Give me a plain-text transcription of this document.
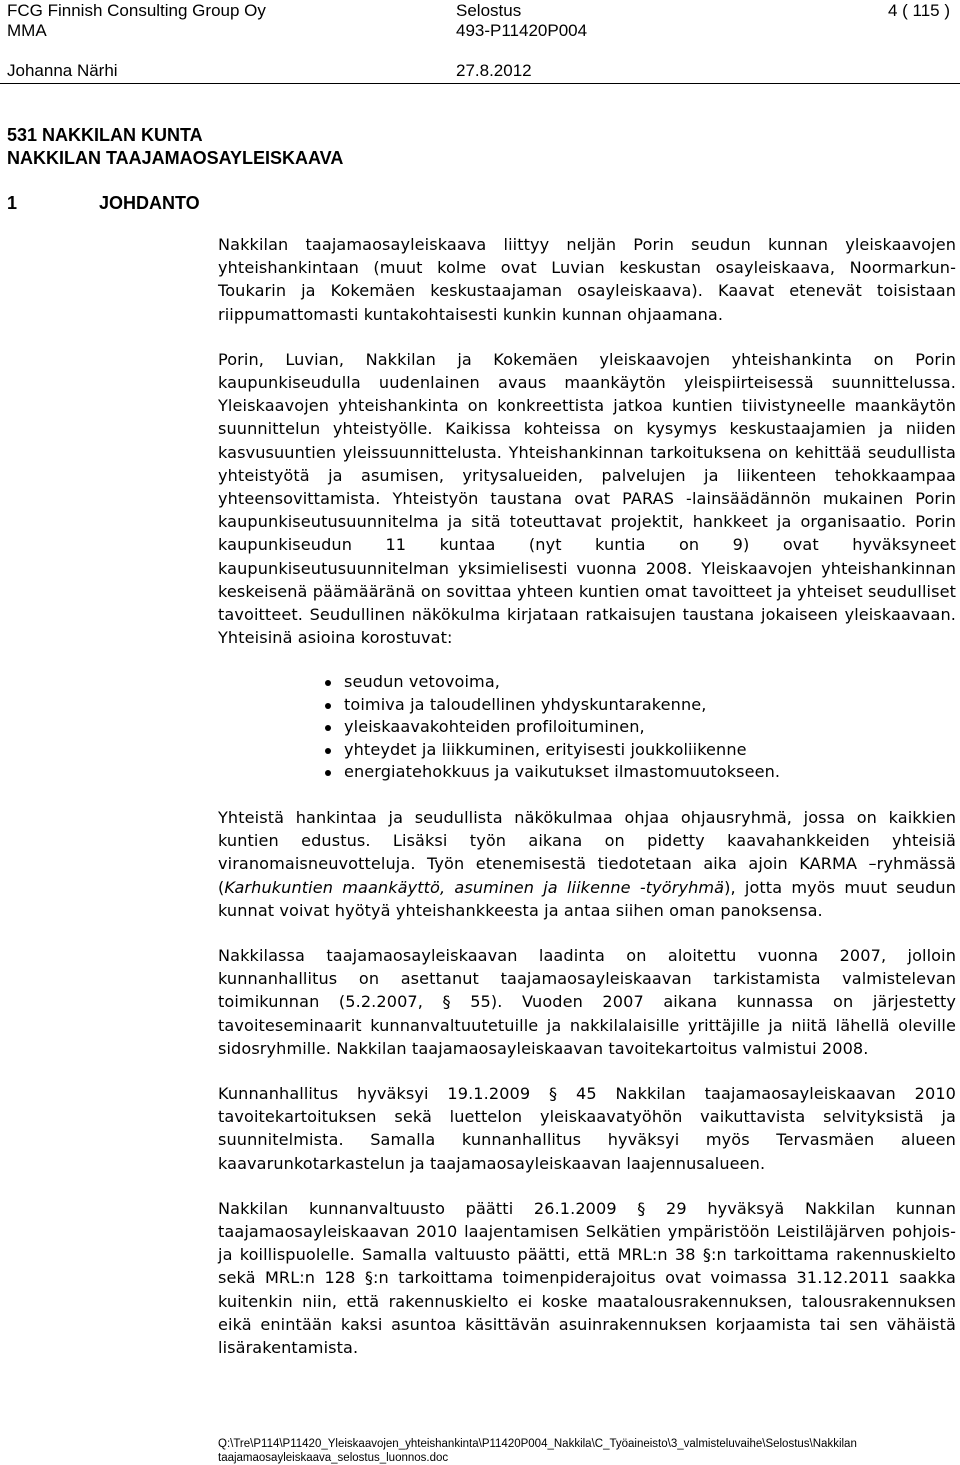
FCG Finnish Consulting Group Oy
MMA
Johanna Närhi
Selostus
493-P11420P004
27.8.2012
4 ( 115 )
531 NAKKILAN KUNTA
NAKKILAN TAAJAMAOSAYLEISKAAVA
1	JOHDANTO

Nakkilan taajamaosayleiskaava liittyy neljän Porin seudun kunnan yleiskaavojen yhteishankintaan (muut kolme ovat Luvian keskustan osayleiskaava, Noormarkun-Toukarin ja Kokemäen keskustaajaman osayleiskaava). Kaavat etenevät toisistaan riippumattomasti kuntakohtaisesti kunkin kunnan ohjaamana.

Porin, Luvian, Nakkilan ja Kokemäen yleiskaavojen yhteishankinta on Porin kaupunkiseudulla uudenlainen avaus maankäytön yleispiirteisessä suunnittelussa. Yleiskaavojen yhteishankinta on konkreettista jatkoa kuntien tiivistyneelle maankäytön suunnittelun yhteistyölle. Kaikissa kohteissa on kysymys keskustaajamien ja niiden kasvusuuntien yleissuunnittelusta. Yhteishankinnan tarkoituksena on kehittää seudullista yhteistyötä ja asumisen, yritysalueiden, palvelujen ja liikenteen tehokkaampaa yhteensovittamista. Yhteistyön taustana ovat PARAS -lainsäädännön mukainen Porin kaupunkiseutusuunnitelma ja sitä toteuttavat projektit, hankkeet ja organisaatio. Porin kaupunkiseudun 11 kuntaa (nyt kuntia on 9) ovat hyväksyneet kaupunkiseutusuunnitelman yksimielisesti vuonna 2008. Yleiskaavojen yhteishankinnan keskeisenä päämääränä on sovittaa yhteen kuntien omat tavoitteet ja yhteiset seudulliset tavoitteet. Seudullinen näkökulma kirjataan ratkaisujen taustana jokaiseen yleiskaavaan. Yhteisinä asioina korostuvat:

seudun vetovoima,
toimiva ja taloudellinen yhdyskuntarakenne,
yleiskaavakohteiden profiloituminen,
yhteydet ja liikkuminen, erityisesti joukkoliikenne
energiatehokkuus ja vaikutukset ilmastomuutokseen.

Yhteistä hankintaa ja seudullista näkökulmaa ohjaa ohjausryhmä, jossa on kaikkien kuntien edustus. Lisäksi työn aikana on pidetty kaavahankkeiden yhteisiä viranomaisneuvotteluja. Työn etenemisestä tiedotetaan aika ajoin KARMA –ryhmässä (Karhukuntien maankäyttö, asuminen ja liikenne -työryhmä), jotta myös muut seudun kunnat voivat hyötyä yhteishankkeesta ja antaa siihen oman panoksensa.

Nakkilassa taajamaosayleiskaavan laadinta on aloitettu vuonna 2007, jolloin kunnanhallitus on asettanut taajamaosayleiskaavan tarkistamista valmistelevan toimikunnan (5.2.2007, § 55). Vuoden 2007 aikana kunnassa on järjestetty tavoiteseminaarit kunnanvaltuutetuille ja nakkilalaisille yrittäjille ja niitä lähellä oleville sidosryhmille. Nakkilan taajamaosayleiskaavan tavoitekartoitus valmistui 2008.

Kunnanhallitus hyväksyi 19.1.2009 § 45 Nakkilan taajamaosayleiskaavan 2010 tavoitekartoituksen sekä luettelon yleiskaavatyöhön vaikuttavista selvityksistä ja suunnitelmista. Samalla kunnanhallitus hyväksyi myös Tervasmäen alueen kaavarunkotarkastelun ja taajamaosayleiskaavan laajennusalueen.

Nakkilan kunnanvaltuusto päätti 26.1.2009 § 29 hyväksyä Nakkilan kunnan taajamaosayleiskaavan 2010 laajentamisen Selkätien ympäristöön Leistiläjärven pohjois- ja koillispuolelle. Samalla valtuusto päätti, että MRL:n 38 §:n tarkoittama rakennuskielto sekä MRL:n 128 §:n tarkoittama toimenpiderajoitus ovat voimassa 31.12.2011 saakka kuitenkin niin, että rakennuskielto ei koske maatalousrakennuksen, talousrakennuksen eikä enintään kaksi asuntoa käsittävän asuinrakennuksen korjaamista tai sen vähäistä lisärakentamista.

Q:\Tre\P114\P11420_Yleiskaavojen_yhteishankinta\P11420P004_Nakkila\C_Työaineisto\3_valmisteluvaihe\Selostus\Nakkilan
taajamaosayleiskaava_selostus_luonnos.doc
